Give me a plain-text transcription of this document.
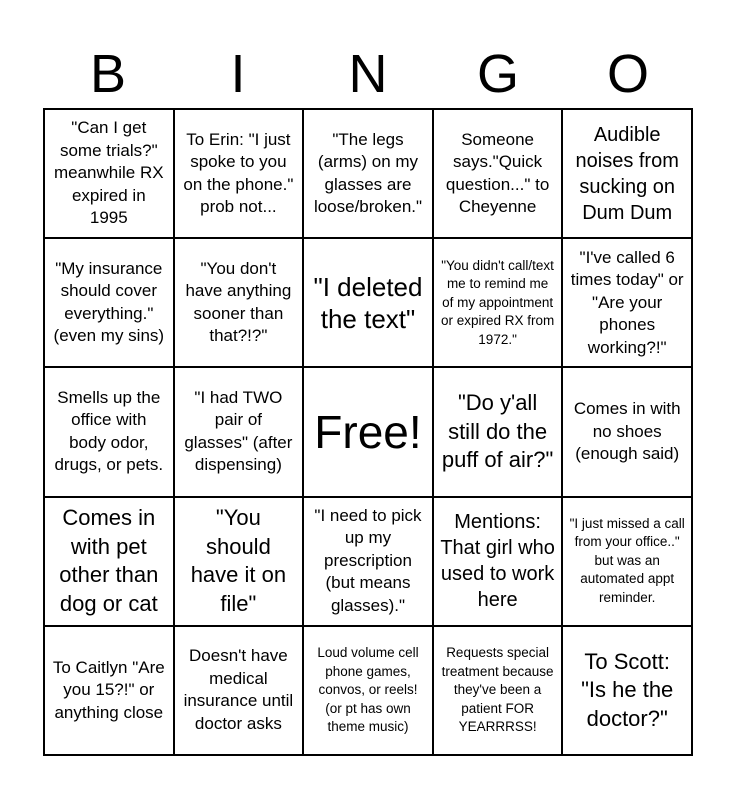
B	I	N	G	O
"Can I get some trials?" meanwhile RX expired in 1995
To Erin: "I just spoke to you on the phone." prob not...
"The legs (arms) on my glasses are loose/broken."
Someone says."Quick question..." to Cheyenne
Audible noises from sucking on Dum Dum
"My insurance should cover everything." (even my sins)
"You don't have anything sooner than that?!?"
"I deleted the text"
"You didn't call/text me to remind me of my appointment or expired RX from 1972."
"I've called 6 times today" or "Are your phones working?!"
Smells up the office with body odor, drugs, or pets.
"I had TWO pair of glasses" (after dispensing)
Free!
"Do y'all still do the puff of air?"
Comes in with no shoes (enough said)
Comes in with pet other than dog or cat
"You should have it on file"
"I need to pick up my prescription (but means glasses)."
Mentions: That girl who used to work here
"I just missed a call from your office.." but was an automated appt reminder.
To Caitlyn "Are you 15?!" or anything close
Doesn't have medical insurance until doctor asks
Loud volume cell phone games, convos, or reels! (or pt has own theme music)
Requests special treatment because they've been a patient FOR YEARRRSS!
To Scott: "Is he the doctor?"
